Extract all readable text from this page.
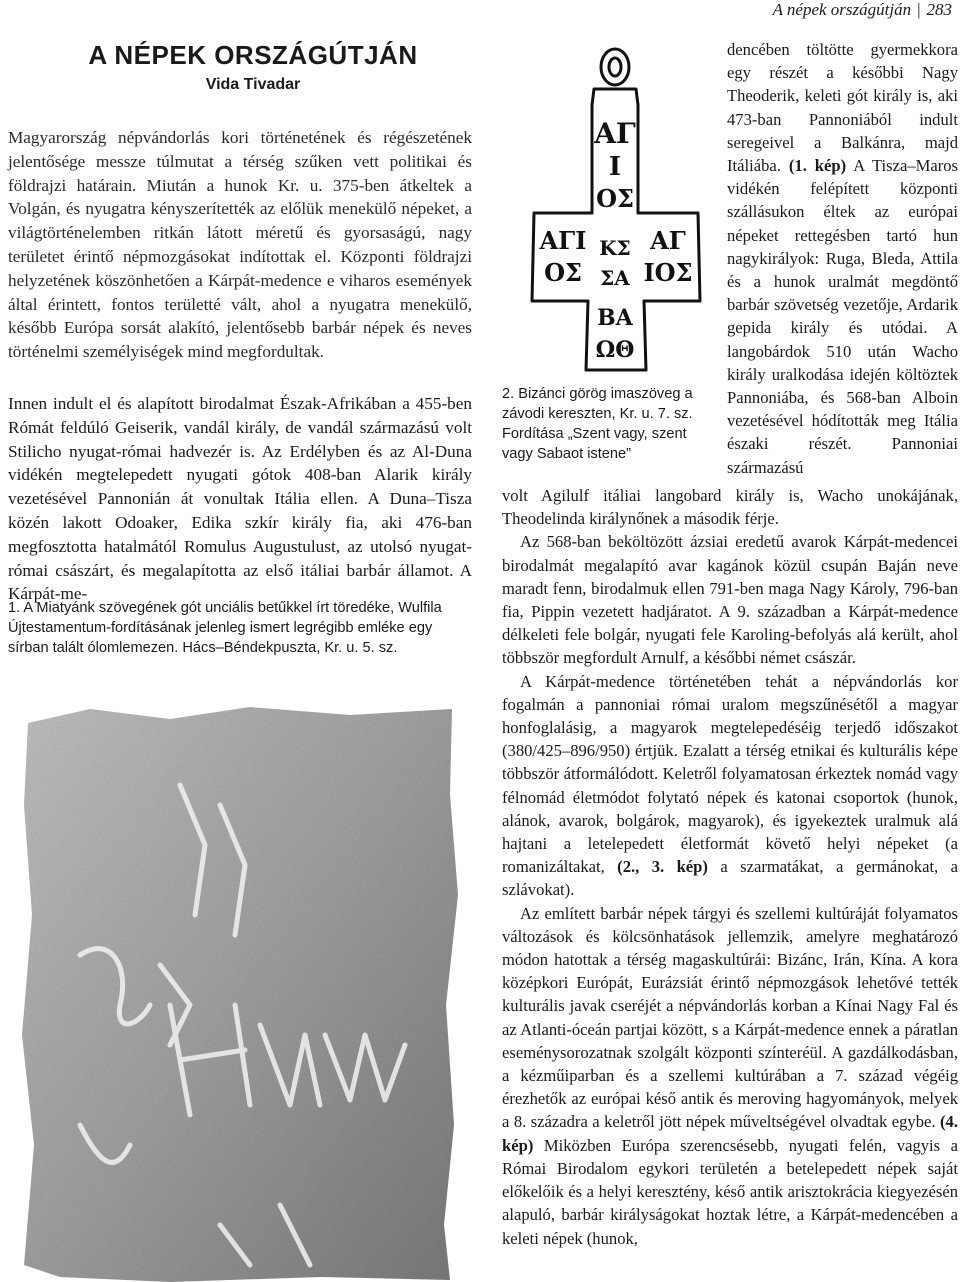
A népek országútján | 283
A NÉPEK ORSZÁGÚTJÁN
Vida Tivadar

Magyarország népvándorlás kori történetének és régészetének jelentősége messze túlmutat a térség szűken vett politikai és földrajzi határain. Miután a hunok Kr. u. 375-ben átkeltek a Volgán, és nyugatra kényszerítették az előlük menekülő népeket, a világtörténelemben ritkán látott méretű és gyorsaságú, nagy területet érintő népmozgásokat indítottak el. Központi földrajzi helyzetének köszönhetően a Kárpát-medence e viharos események által érintett, fontos területté vált, ahol a nyugatra menekülő, később Európa sorsát alakító, jelentősebb barbár népek és neves történelmi személyiségek mind megfordultak.

Innen indult el és alapított birodalmat Észak-Afrikában a 455-ben Rómát feldúló Geiserik, vandál király, de vandál származású volt Stilicho nyugat-római hadvezér is. Az Erdélyben és az Al-Duna vidékén megtelepedett nyugati gótok 408-ban Alarik király vezetésével Pannonián át vonultak Itália ellen. A Duna–Tisza közén lakott Odoaker, Edika szkír király fia, aki 476-ban megfosztotta hatalmától Romulus Augustulust, az utolsó nyugat-római császárt, és megalapította az első itáliai barbár államot. A Kárpát-me-

1. A Miatyánk szövegének gót unciális betűkkel írt töredéke, Wulfila Újtestamentum-fordításának jelenleg ismert legrégibb emléke egy sírban talált ólomlemezen. Hács–Béndekpuszta, Kr. u. 5. sz.

ΑΓ
Ι
ΟΣ
ΑΓΙ
ΟΣ
ΑΓ
ΙΟΣ
ΚΣ
ΣΑ
ΒΑ
ΩΘ

2. Bizánci görög imaszöveg a závodi kereszten, Kr. u. 7. sz. Fordítása „Szent vagy, szent vagy Sabaot istene”

dencében töltötte gyermekkora egy részét a későbbi Nagy Theoderik, keleti gót király is, aki 473-ban Pannoniából indult seregeivel a Balkánra, majd Itáliába. (1. kép) A Tisza–Maros vidékén felépített központi szállásukon éltek az európai népeket rettegésben tartó hun nagykirályok: Ruga, Bleda, Attila és a hunok uralmát megdöntő barbár szövetség vezetője, Ardarik gepida király és utódai. A langobárdok 510 után Wacho király uralkodása idején költöztek Pannoniába, és 568-ban Alboin vezetésével hódították meg Itália északi részét. Pannoniai származású

volt Agilulf itáliai langobard király is, Wacho unokájának, Theodelinda királynőnek a második férje.

Az 568-ban beköltözött ázsiai eredetű avarok Kárpát-medencei birodalmát megalapító avar kagánok közül csupán Baján neve maradt fenn, birodalmuk ellen 791-ben maga Nagy Károly, 796-ban fia, Pippin vezetett hadjáratot. A 9. században a Kárpát-medence délkeleti fele bolgár, nyugati fele Karoling-befolyás alá került, ahol többször megfordult Arnulf, a későbbi német császár.

A Kárpát-medence történetében tehát a népvándorlás kor fogalmán a pannoniai római uralom megszűnésétől a magyar honfoglalásig, a magyarok megtelepedéséig terjedő időszakot (380/425–896/950) értjük. Ezalatt a térség etnikai és kulturális képe többször átformálódott. Keletről folyamatosan érkeztek nomád vagy félnomád életmódot folytató népek és katonai csoportok (hunok, alánok, avarok, bolgárok, magyarok), és igyekeztek uralmuk alá hajtani a letelepedett életformát követő helyi népeket (a romanizáltakat, (2., 3. kép) a szarmatákat, a germánokat, a szlávokat).

Az említett barbár népek tárgyi és szellemi kultúráját folyamatos változások és kölcsönhatások jellemzik, amelyre meghatározó módon hatottak a térség magaskultúrái: Bizánc, Irán, Kína. A kora középkori Európát, Eurázsiát érintő népmozgások lehetővé tették kulturális javak cseréjét a népvándorlás korban a Kínai Nagy Fal és az Atlanti-óceán partjai között, s a Kárpát-medence ennek a páratlan eseménysorozatnak szolgált központi színteréül. A gazdálkodásban, a kézműiparban és a szellemi kultúrában a 7. század végéig érezhetők az európai késő antik és meroving hagyományok, melyek a 8. századra a keletről jött népek műveltségével olvadtak egybe. (4. kép) Miközben Európa szerencsésebb, nyugati felén, vagyis a Római Birodalom egykori területén a betelepedett népek saját előkelőik és a helyi keresztény, késő antik arisztokrácia kiegyezésén alapuló, barbár királyságokat hoztak létre, a Kárpát-medencében a keleti népek (hunok,
